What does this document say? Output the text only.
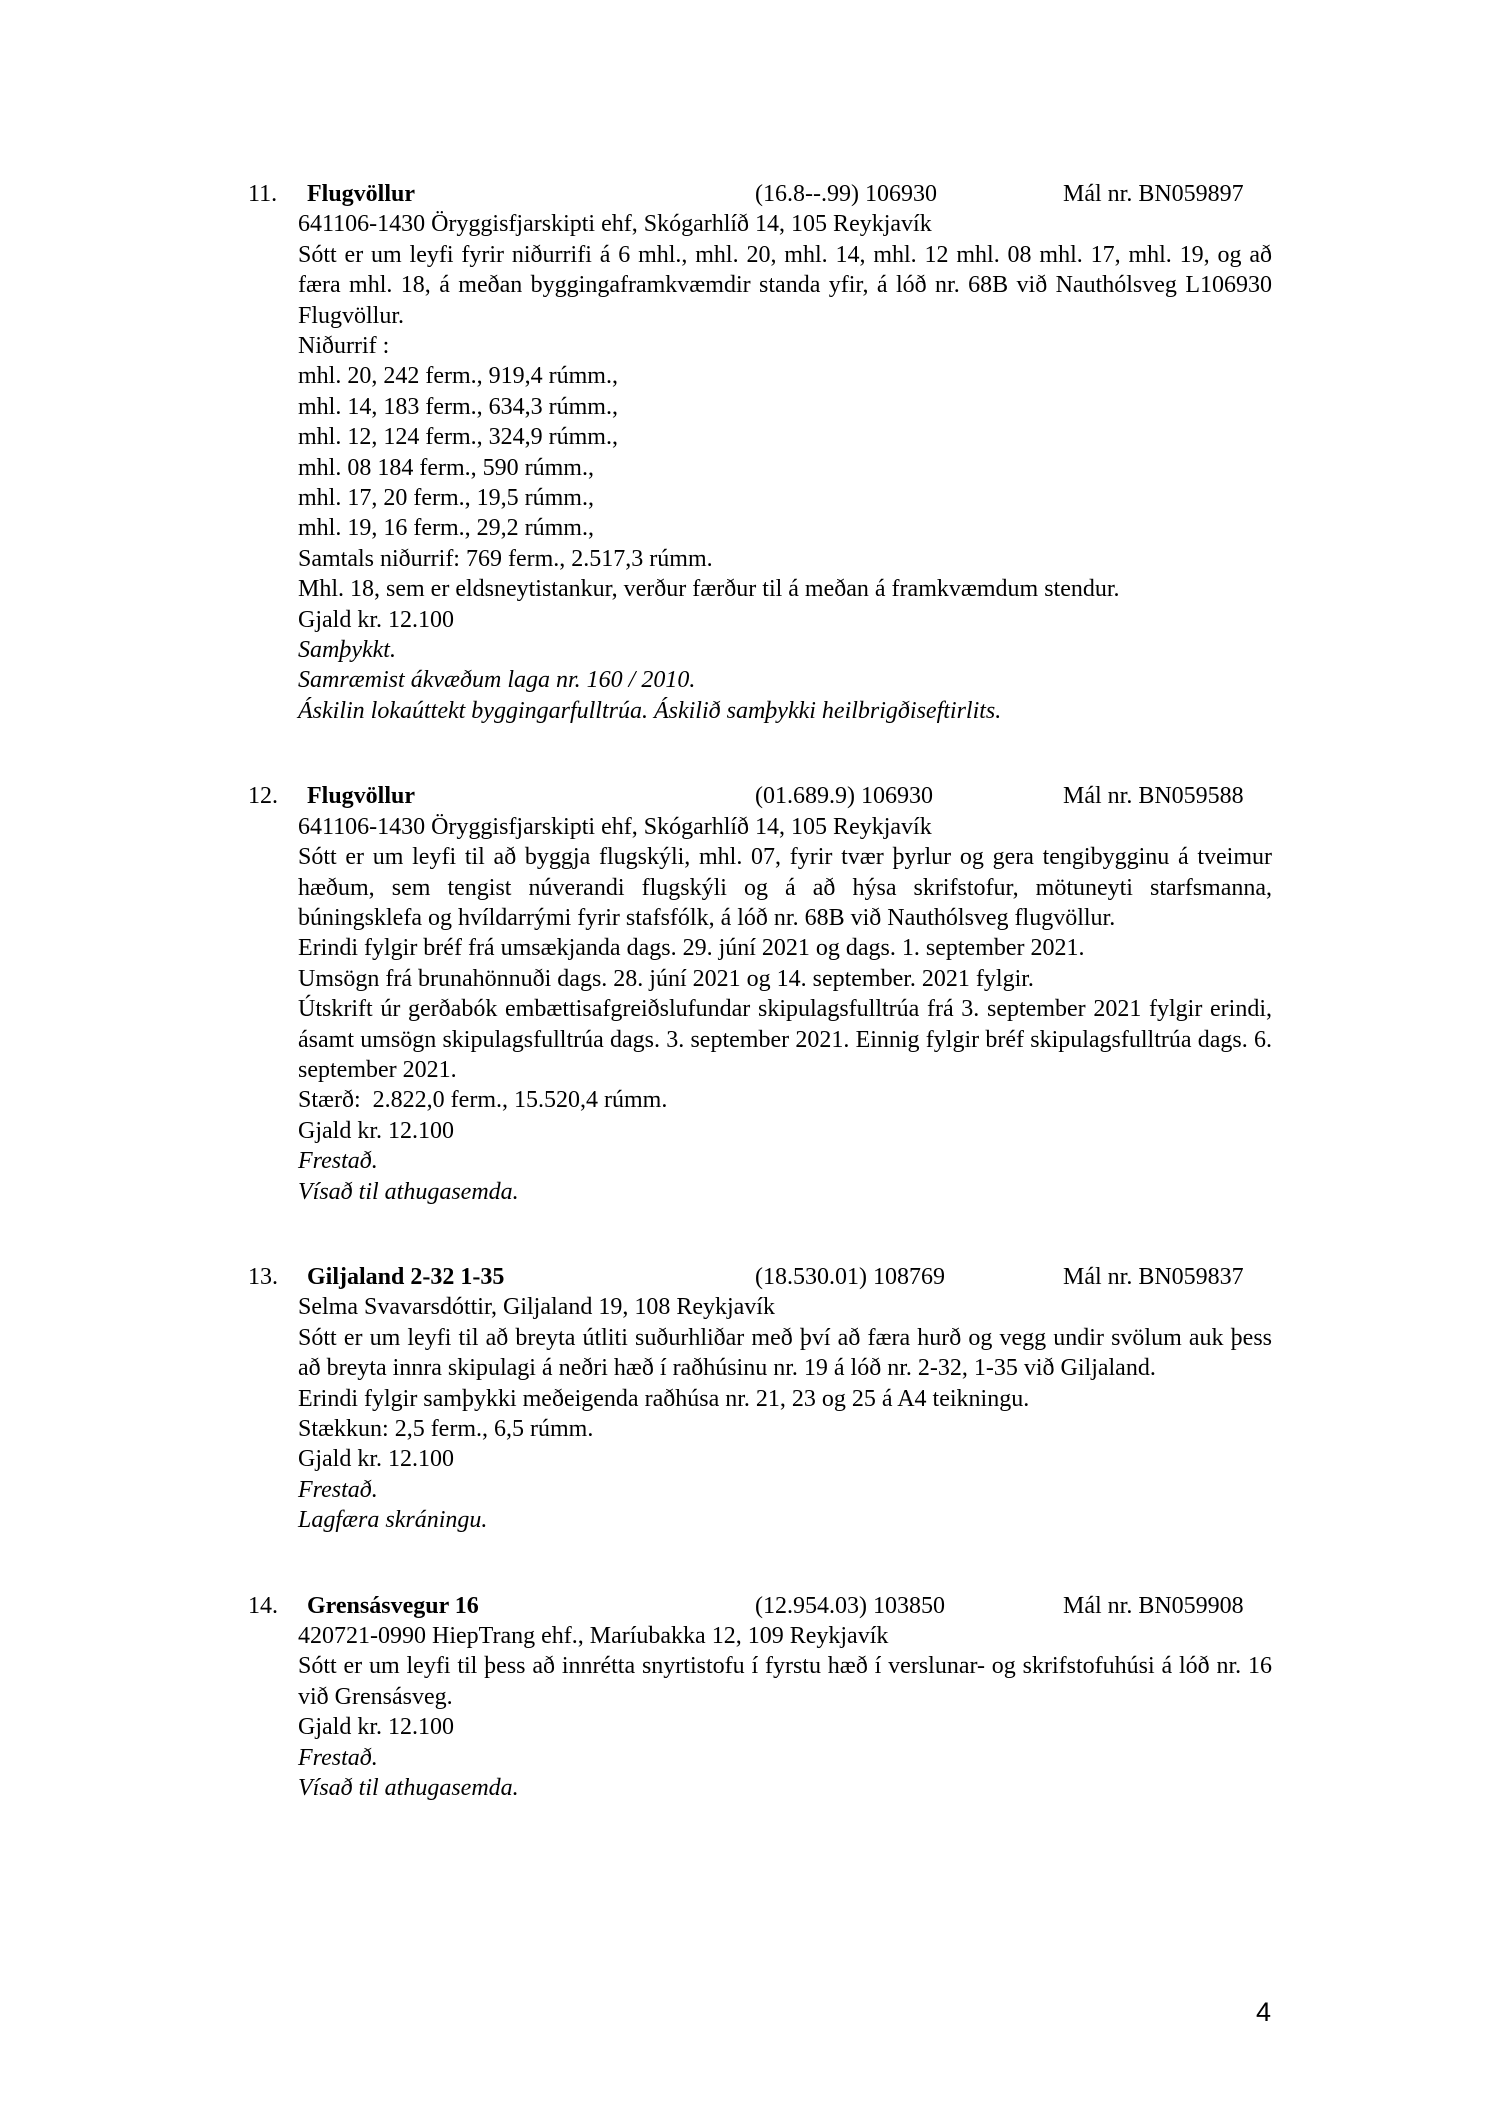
11. Flugvöllur	(16.8--.99) 106930	Mál nr. BN059897
641106-1430 Öryggisfjarskipti ehf, Skógarhlíð 14, 105 Reykjavík
Sótt er um leyfi fyrir niðurrifi á 6 mhl., mhl. 20, mhl. 14, mhl. 12 mhl. 08 mhl. 17, mhl. 19, og að færa mhl. 18, á meðan byggingaframkvæmdir standa yfir, á lóð nr. 68B við Nauthólsveg L106930 Flugvöllur.
Niðurrif :
mhl. 20, 242 ferm., 919,4 rúmm.,
mhl. 14, 183 ferm., 634,3 rúmm.,
mhl. 12, 124 ferm., 324,9 rúmm.,
mhl. 08 184 ferm., 590 rúmm.,
mhl. 17, 20 ferm., 19,5 rúmm.,
mhl. 19, 16 ferm., 29,2 rúmm.,
Samtals niðurrif: 769 ferm., 2.517,3 rúmm.
Mhl. 18, sem er eldsneytistankur, verður færður til á meðan á framkvæmdum stendur.
Gjald kr. 12.100
Samþykkt.
Samræmist ákvæðum laga nr. 160 / 2010.
Áskilin lokaúttekt byggingarfulltrúa. Áskilið samþykki heilbrigðiseftirlits.
12. Flugvöllur	(01.689.9) 106930	Mál nr. BN059588
641106-1430 Öryggisfjarskipti ehf, Skógarhlíð 14, 105 Reykjavík
Sótt er um leyfi til að byggja flugskýli, mhl. 07, fyrir tvær þyrlur og gera tengibygginu á tveimur hæðum, sem tengist núverandi flugskýli og á að hýsa skrifstofur, mötuneyti starfsmanna, búningsklefa og hvíldarrými fyrir stafsfólk, á lóð nr. 68B við Nauthólsveg flugvöllur.
Erindi fylgir bréf frá umsækjanda dags. 29. júní 2021 og dags. 1. september 2021.
Umsögn frá brunahönnuði dags. 28. júní 2021 og 14. september. 2021 fylgir.
Útskrift úr gerðabók embættisafgreiðslufundar skipulagsfulltrúa frá 3. september 2021 fylgir erindi, ásamt umsögn skipulagsfulltrúa dags. 3. september 2021. Einnig fylgir bréf skipulagsfulltrúa dags. 6. september 2021.
Stærð:  2.822,0 ferm., 15.520,4 rúmm.
Gjald kr. 12.100
Frestað.
Vísað til athugasemda.
13. Giljaland 2-32 1-35	(18.530.01) 108769	Mál nr. BN059837
Selma Svavarsdóttir, Giljaland 19, 108 Reykjavík
Sótt er um leyfi til að breyta útliti suðurhliðar með því að færa hurð og vegg undir svölum auk þess að breyta innra skipulagi á neðri hæð í raðhúsinu nr. 19 á lóð nr. 2-32, 1-35 við Giljaland.
Erindi fylgir samþykki meðeigenda raðhúsa nr. 21, 23 og 25 á A4 teikningu.
Stækkun: 2,5 ferm., 6,5 rúmm.
Gjald kr. 12.100
Frestað.
Lagfæra skráningu.
14. Grensásvegur 16	(12.954.03) 103850	Mál nr. BN059908
420721-0990 HiepTrang ehf., Maríubakka 12, 109 Reykjavík
Sótt er um leyfi til þess að innrétta snyrtistofu í fyrstu hæð í verslunar- og skrifstofuhúsi á lóð nr. 16 við Grensásveg.
Gjald kr. 12.100
Frestað.
Vísað til athugasemda.
4
